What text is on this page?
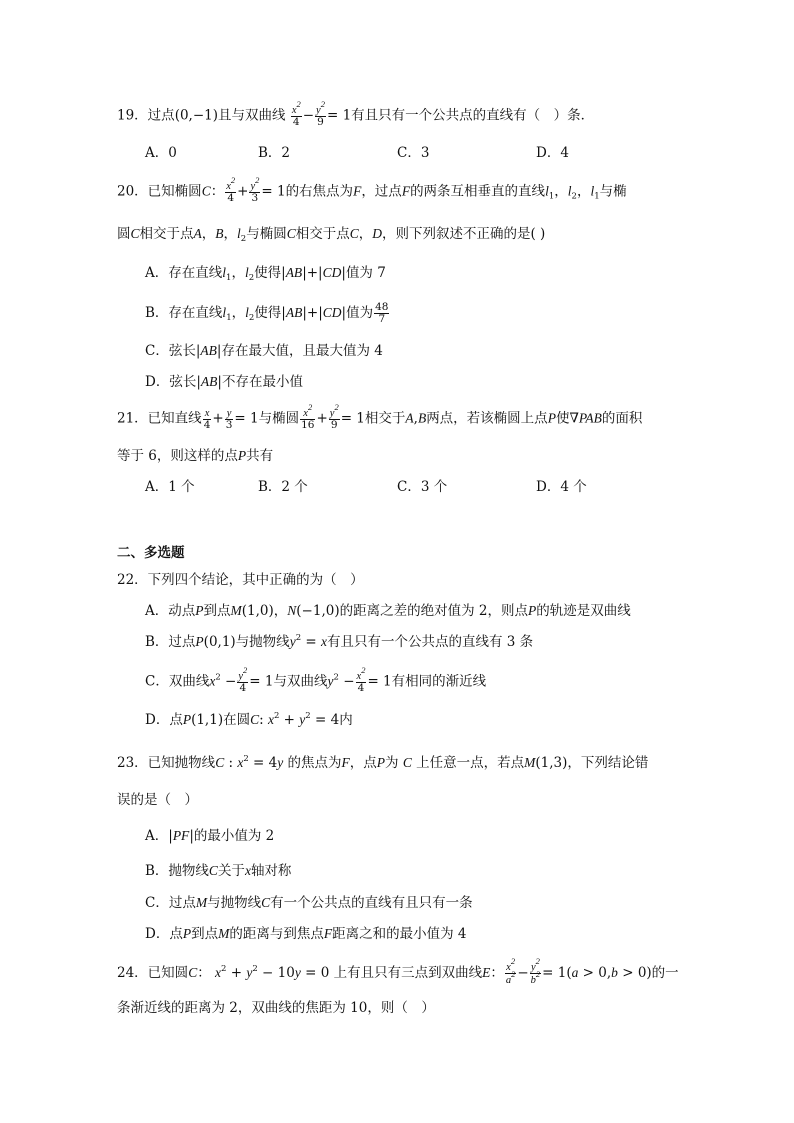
19．过点(0,−1)且与双曲线 $\frac{x^2}{4} - \frac{y^2}{9} = 1$有且只有一个公共点的直线有（　）条．
A．0	B．2	C．3	D．4
20．已知椭圆C： $\frac{x^2}{4} + \frac{y^2}{3} = 1$的右焦点为F，过点F的两条互相垂直的直线$l_1$，$l_2$，$l_1$与椭
圆C相交于点A，B，$l_2$与椭圆C相交于点C，D，则下列叙述不正确的是( )
A．存在直线$l_1$，$l_2$使得|AB|+|CD|值为 7
B．存在直线$l_1$，$l_2$使得|AB|+|CD|值为 $\frac{48}{7}$
C．弦长|AB|存在最大值，且最大值为 4
D．弦长|AB|不存在最小值
21．已知直线 $\frac{x}{4} + \frac{y}{3} = 1$与椭圆 $\frac{x^2}{16} + \frac{y^2}{9} = 1$相交于A,B两点，若该椭圆上点P使∇PAB的面积
等于 6，则这样的点P共有
A．1 个	B．2 个	C．3 个	D．4 个
二、多选题
22．下列四个结论，其中正确的为（　）
A．动点P到点M(1,0)，N(−1,0)的距离之差的绝对值为 2，则点P的轨迹是双曲线
B．过点P(0,1)与抛物线$y^2 = x$有且只有一个公共点的直线有 3 条
C．双曲线$x^2 - \frac{y^2}{4} = 1$与双曲线$y^2 - \frac{x^2}{4} = 1$有相同的渐近线
D．点P(1,1)在圆C: $x^2 + y^2 = 4$内
23．已知抛物线C : $x^2 = 4y$ 的焦点为F，点P为 C 上任意一点，若点M(1,3)，下列结论错
误的是（　）
A．|PF|的最小值为 2
B．抛物线C关于x轴对称
C．过点M与抛物线C有一个公共点的直线有且只有一条
D．点P到点M的距离与到焦点F距离之和的最小值为 4
24．已知圆C： $x^2 + y^2 - 10y = 0$ 上有且只有三点到双曲线E： $\frac{x^2}{a^2} - \frac{y^2}{b^2} = 1(a > 0,b > 0)$的一
条渐近线的距离为 2，双曲线的焦距为 10，则（　）
